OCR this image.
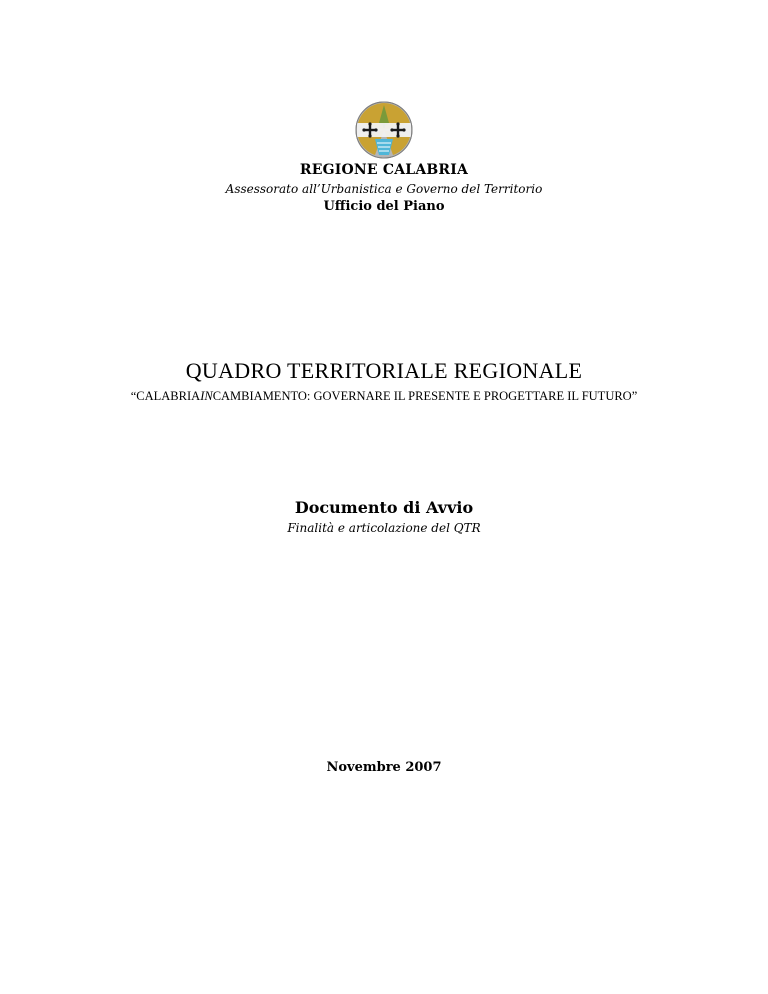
REGIONE CALABRIA
Assessorato all’Urbanistica e Governo del Territorio
Ufficio del Piano
QUADRO TERRITORIALE REGIONALE
“CALABRIAINCAMBIAMENTO: GOVERNARE IL PRESENTE E PROGETTARE IL FUTURO”
Documento di Avvio
Finalità e articolazione del QTR
Novembre 2007
